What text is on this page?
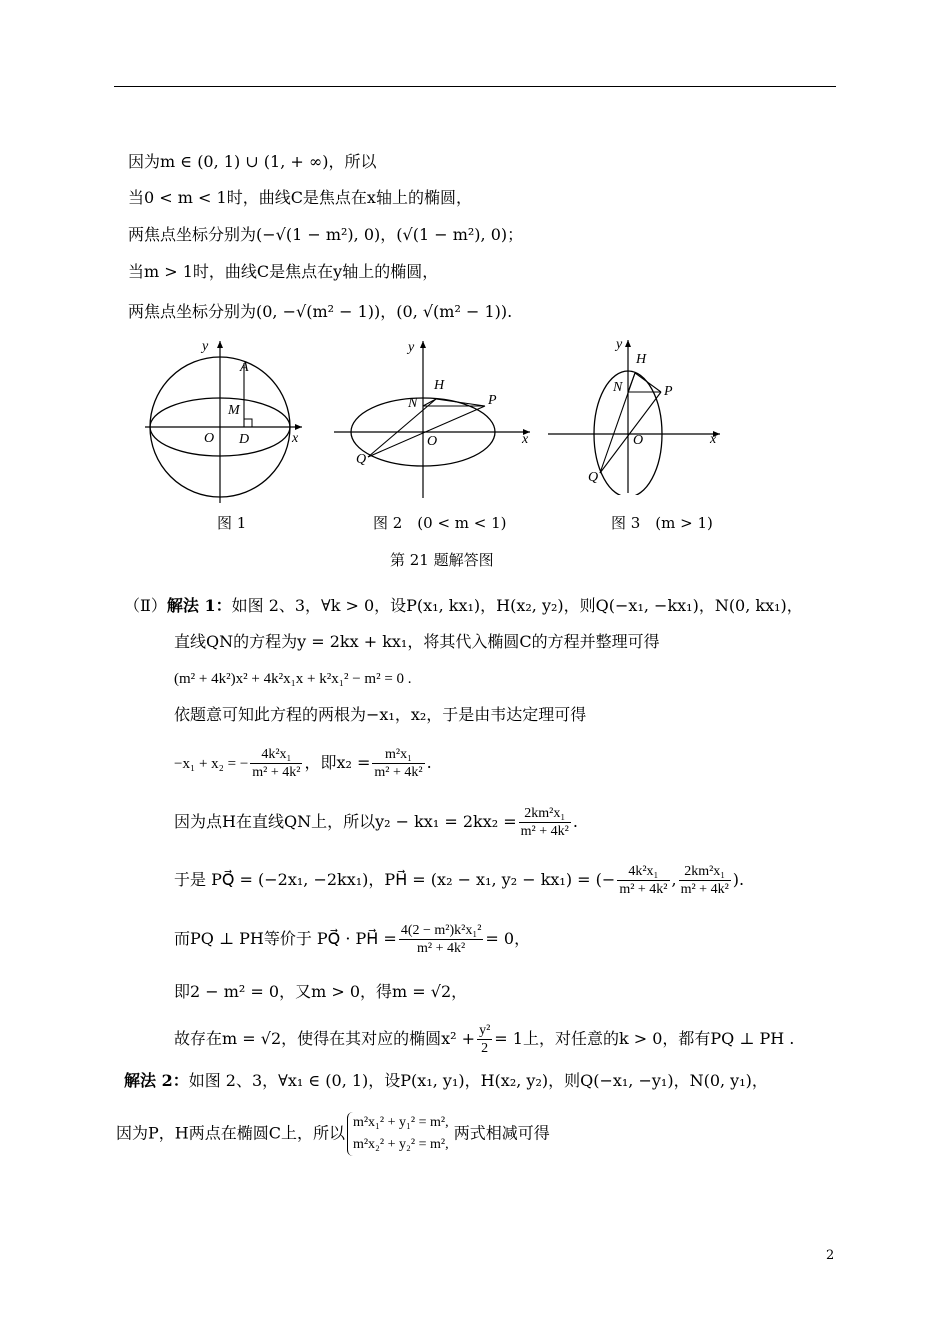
因为m ∈ (0, 1) ∪ (1, + ∞)，所以
当0 < m < 1时，曲线C是焦点在x轴上的椭圆，
两焦点坐标分别为(−√(1 − m²), 0)，(√(1 − m²), 0)；
当m > 1时，曲线C是焦点在y轴上的椭圆，
两焦点坐标分别为(0, −√(m² − 1))，(0, √(m² − 1)).
y
x
A
M
O D
y
x
H
N	P
O
Q
y
x
H
N	P
O
Q
图 1	图 2　(0 < m < 1)	图 3　(m > 1)
第 21 题解答图
（Ⅱ）解法 1：如图 2、3，∀k > 0，设P(x₁, kx₁)，H(x₂, y₂)，则Q(−x₁, −kx₁)，N(0, kx₁)，
直线QN的方程为y = 2kx + kx₁，将其代入椭圆C的方程并整理可得
(m² + 4k²)x² + 4k²x₁x + k²x₁² − m² = 0 .
依题意可知此方程的两根为−x₁，x₂，于是由韦达定理可得
−x₁ + x₂ = − $\frac{\text{4k²x₁}}{\text{m² + 4k²}}$ ，即$x_2 = \frac{\text{m²x₁}}{\text{m² + 4k²}}$ .
因为点H在直线QN上，所以$y_2 - kx_1 = 2kx_2 = \frac{\text{2km²x₁}}{\text{m² + 4k²}}$ .
于是 PQ⃗ = (−2x₁, −2kx₁)，PH⃗ = (x₂ − x₁, y₂ − kx₁) = (− $\frac{\text{4k²x₁}}{\text{m² + 4k²}}$ , $\frac{\text{2km²x₁}}{\text{m² + 4k²}}$ ).
而PQ ⊥ PH等价于 PQ⃗ · PH⃗ = $\frac{\text{4(2 − m²)k²x₁²}}{\text{m² + 4k²}} = 0$，
即2 − m² = 0，又m > 0，得m = √2，
故存在m = √2，使得在其对应的椭圆$x^2 + \frac{\text{y²}}{2} = 1$上，对任意的k > 0，都有PQ ⊥ PH .
解法 2：如图 2、3，∀x₁ ∈ (0, 1)，设P(x₁, y₁)，H(x₂, y₂)，则Q(−x₁, −y₁)，N(0, y₁)，
因为P，H两点在椭圆C上，所以
m²x₁² + y₁² = m²,
m²x₂² + y₂² = m²,
两式相减可得
2
